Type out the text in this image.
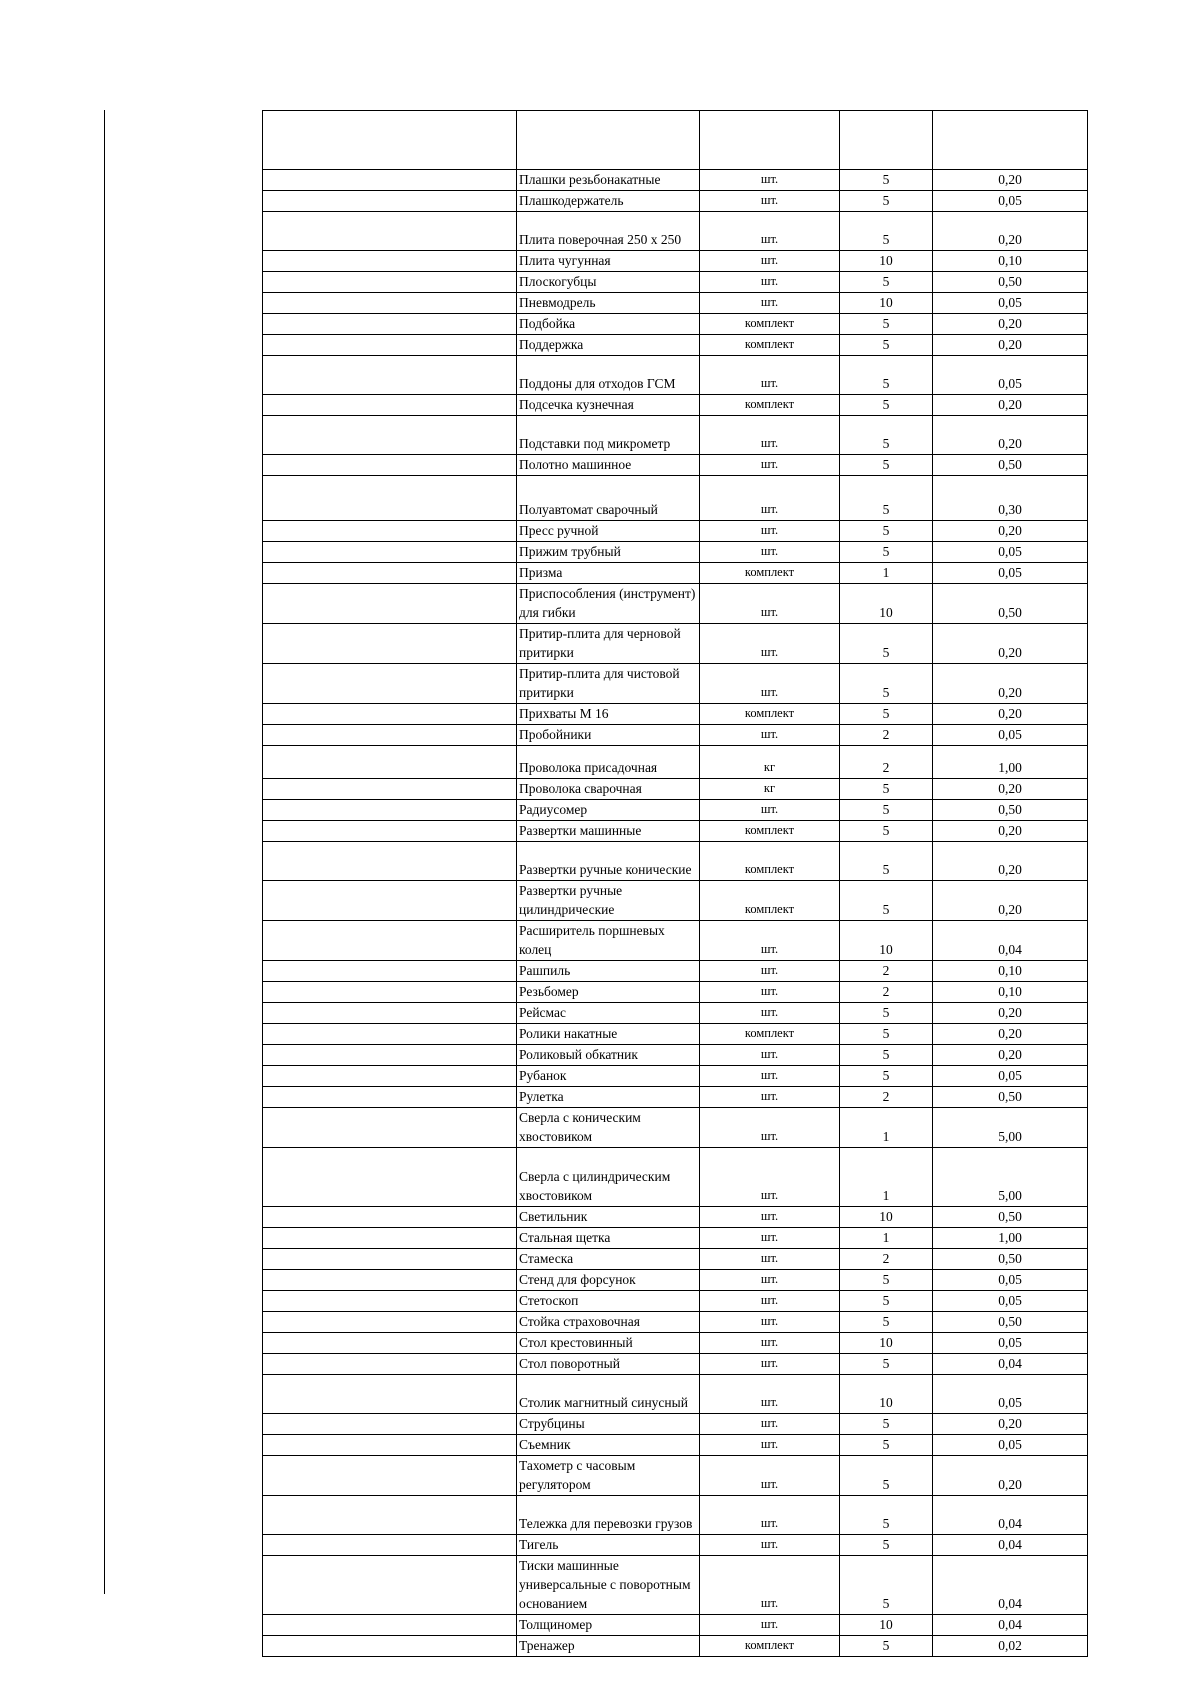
	Плашки резьбонакатные	шт.	5	0,20
	Плашкодержатель	шт.	5	0,05
	Плита поверочная 250 х 250	шт.	5	0,20
	Плита чугунная	шт.	10	0,10
	Плоскогубцы	шт.	5	0,50
	Пневмодрель	шт.	10	0,05
	Подбойка	комплект	5	0,20
	Поддержка	комплект	5	0,20
	Поддоны для отходов ГСМ	шт.	5	0,05
	Подсечка кузнечная	комплект	5	0,20
	Подставки под микрометр	шт.	5	0,20
	Полотно машинное	шт.	5	0,50
	Полуавтомат сварочный	шт.	5	0,30
	Пресс ручной	шт.	5	0,20
	Прижим трубный	шт.	5	0,05
	Призма	комплект	1	0,05
	Приспособления (инструмент) для гибки	шт.	10	0,50
	Притир-плита для черновой притирки	шт.	5	0,20
	Притир-плита для чистовой притирки	шт.	5	0,20
	Прихваты М 16	комплект	5	0,20
	Пробойники	шт.	2	0,05
	Проволока присадочная	кг	2	1,00
	Проволока сварочная	кг	5	0,20
	Радиусомер	шт.	5	0,50
	Развертки машинные	комплект	5	0,20
	Развертки ручные конические	комплект	5	0,20
	Развертки ручные цилиндрические	комплект	5	0,20
	Расширитель поршневых колец	шт.	10	0,04
	Рашпиль	шт.	2	0,10
	Резьбомер	шт.	2	0,10
	Рейсмас	шт.	5	0,20
	Ролики накатные	комплект	5	0,20
	Роликовый обкатник	шт.	5	0,20
	Рубанок	шт.	5	0,05
	Рулетка	шт.	2	0,50
	Сверла с коническим хвостовиком	шт.	1	5,00
	Сверла с цилиндрическим хвостовиком	шт.	1	5,00
	Светильник	шт.	10	0,50
	Стальная щетка	шт.	1	1,00
	Стамеска	шт.	2	0,50
	Стенд для форсунок	шт.	5	0,05
	Стетоскоп	шт.	5	0,05
	Стойка страховочная	шт.	5	0,50
	Стол крестовинный	шт.	10	0,05
	Стол поворотный	шт.	5	0,04
	Столик магнитный синусный	шт.	10	0,05
	Струбцины	шт.	5	0,20
	Съемник	шт.	5	0,05
	Тахометр с часовым регулятором	шт.	5	0,20
	Тележка для перевозки грузов	шт.	5	0,04
	Тигель	шт.	5	0,04
	Тиски машинные универсальные с поворотным основанием	шт.	5	0,04
	Толщиномер	шт.	10	0,04
	Тренажер	комплект	5	0,02
